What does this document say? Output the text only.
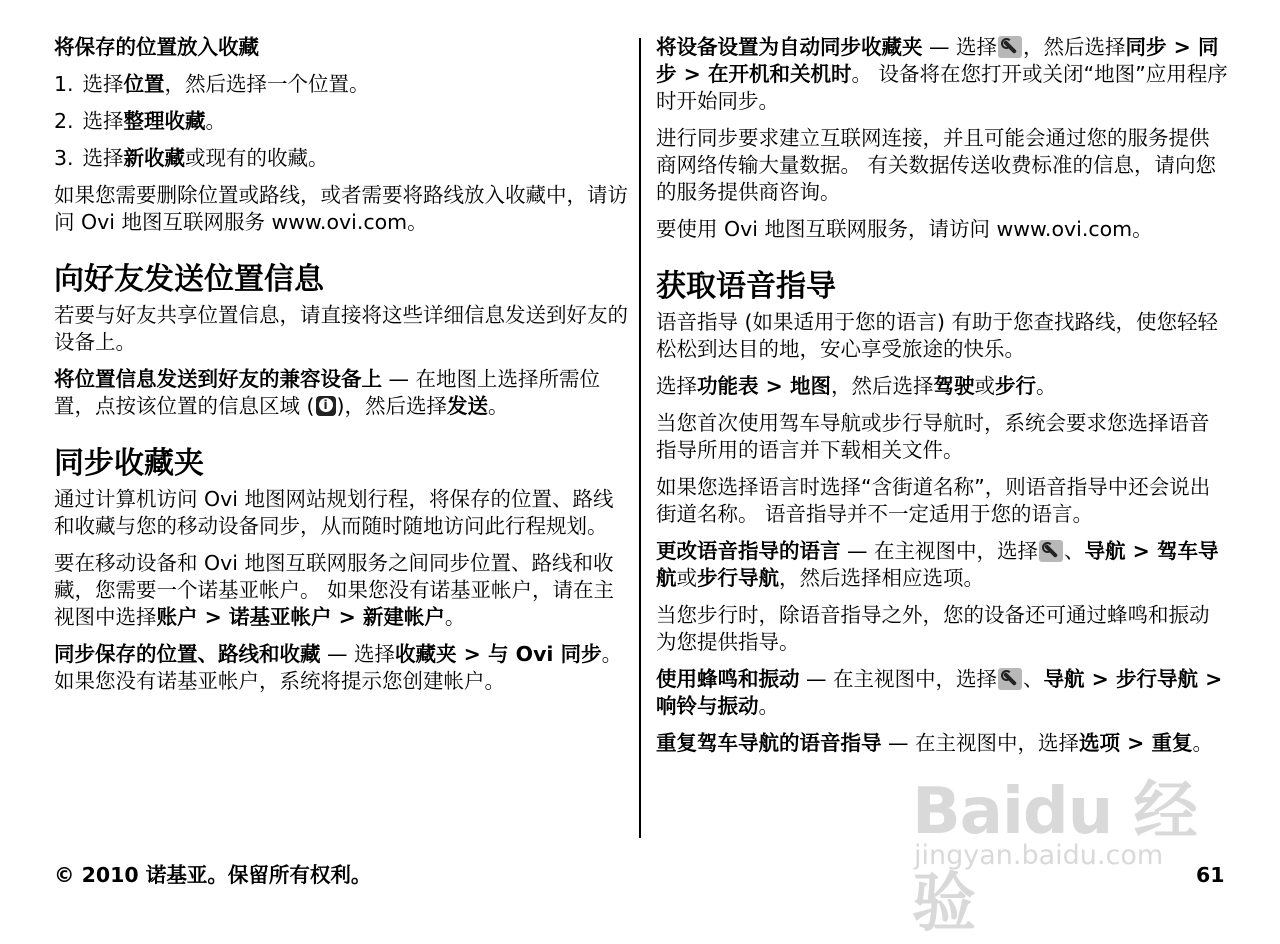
将保存的位置放入收藏

1. 选择位置，然后选择一个位置。

2. 选择整理收藏。

3. 选择新收藏或现有的收藏。

如果您需要删除位置或路线，或者需要将路线放入收藏中，请访问 Ovi 地图互联网服务 www.ovi.com。

向好友发送位置信息

若要与好友共享位置信息，请直接将这些详细信息发送到好友的设备上。

将位置信息发送到好友的兼容设备上 — 在地图上选择所需位置，点按该位置的信息区域 (i )，然后选择发送。

同步收藏夹

通过计算机访问 Ovi 地图网站规划行程，将保存的位置、路线和收藏与您的移动设备同步，从而随时随地访问此行程规划。

要在移动设备和 Ovi 地图互联网服务之间同步位置、路线和收藏，您需要一个诺基亚帐户。 如果您没有诺基亚帐户，请在主视图中选择账户 > 诺基亚帐户 > 新建帐户。

同步保存的位置、路线和收藏 — 选择收藏夹 > 与 Ovi 同步。 如果您没有诺基亚帐户，系统将提示您创建帐户。

将设备设置为自动同步收藏夹 — 选择 ，然后选择同步 > 同步 > 在开机和关机时。 设备将在您打开或关闭“地图”应用程序时开始同步。

进行同步要求建立互联网连接，并且可能会通过您的服务提供商网络传输大量数据。 有关数据传送收费标准的信息，请向您的服务提供商咨询。

要使用 Ovi 地图互联网服务，请访问 www.ovi.com。

获取语音指导

语音指导 (如果适用于您的语言) 有助于您查找路线，使您轻轻松松到达目的地，安心享受旅途的快乐。

选择功能表 > 地图，然后选择驾驶或步行。

当您首次使用驾车导航或步行导航时，系统会要求您选择语音指导所用的语言并下载相关文件。

如果您选择语言时选择“含街道名称”，则语音指导中还会说出街道名称。 语音指导并不一定适用于您的语言。

更改语音指导的语言 — 在主视图中，选择 、导航 > 驾车导航或步行导航，然后选择相应选项。

当您步行时，除语音指导之外，您的设备还可通过蜂鸣和振动为您提供指导。

使用蜂鸣和振动 — 在主视图中，选择 、导航 > 步行导航 > 响铃与振动。

重复驾车导航的语音指导 — 在主视图中，选择选项 > 重复。

© 2010 诺基亚。保留所有权利。	61
Baidu 经验
jingyan.baidu.com
